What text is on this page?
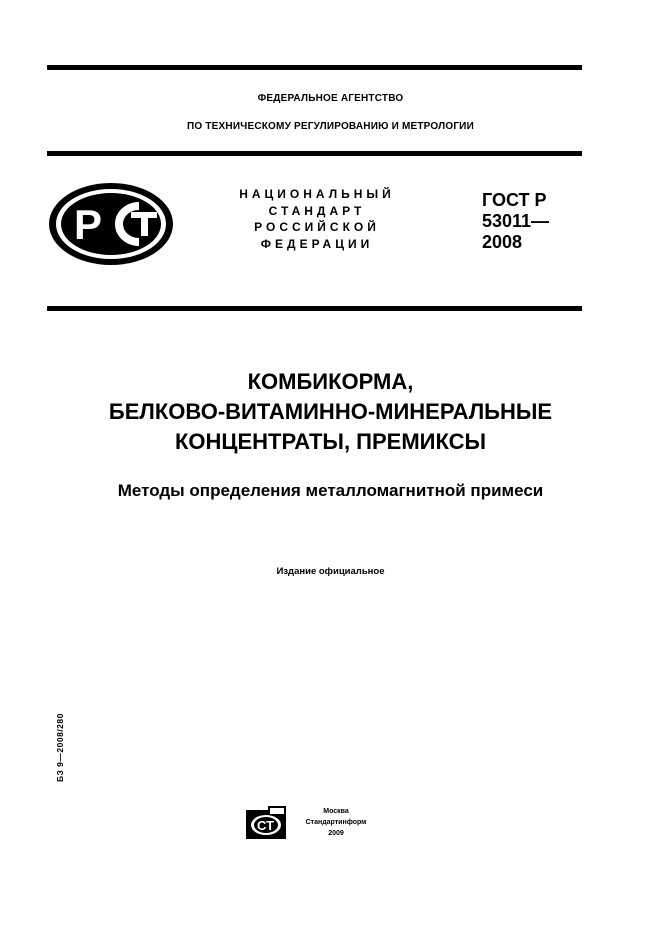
ФЕДЕРАЛЬНОЕ АГЕНТСТВО
ПО ТЕХНИЧЕСКОМУ РЕГУЛИРОВАНИЮ И МЕТРОЛОГИИ
P
НАЦИОНАЛЬНЫЙ
СТАНДАРТ
РОССИЙСКОЙ
ФЕДЕРАЦИИ
ГОСТ Р
53011—
2008
КОМБИКОРМА,
БЕЛКОВО-ВИТАМИННО-МИНЕРАЛЬНЫЕ
КОНЦЕНТРАТЫ, ПРЕМИКСЫ
Методы определения металломагнитной примеси
Издание официальное
БЗ 9—2008/280
СТ
Москва
Стандартинформ
2009
